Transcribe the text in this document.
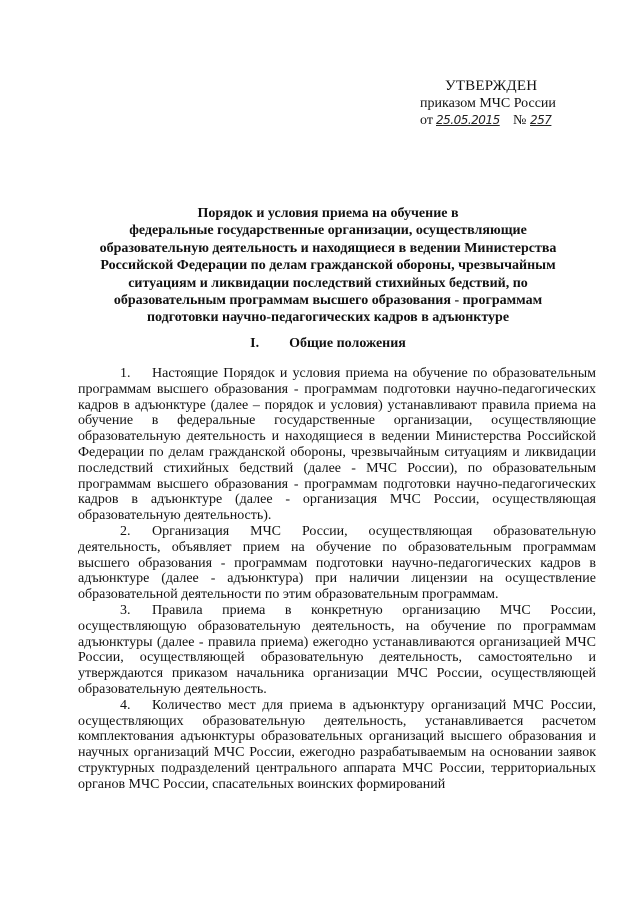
УТВЕРЖДЕН
приказом МЧС России
от 25.05.2015 № 257
Порядок и условия приема на обучение в
федеральные государственные организации, осуществляющие
образовательную деятельность и находящиеся в ведении Министерства
Российской Федерации по делам гражданской обороны, чрезвычайным
ситуациям и ликвидации последствий стихийных бедствий, по
образовательным программам высшего образования - программам
подготовки научно-педагогических кадров в адъюнктуре
I. Общие положения

1. Настоящие Порядок и условия приема на обучение по образовательным программам высшего образования - программам подготовки научно-педагогических кадров в адъюнктуре (далее – порядок и условия) устанавливают правила приема на обучение в федеральные государственные организации, осуществляющие образовательную деятельность и находящиеся в ведении Министерства Российской Федерации по делам гражданской обороны, чрезвычайным ситуациям и ликвидации последствий стихийных бедствий (далее - МЧС России), по образовательным программам высшего образования - программам подготовки научно-педагогических кадров в адъюнктуре (далее - организация МЧС России, осуществляющая образовательную деятельность).

2. Организация МЧС России, осуществляющая образовательную деятельность, объявляет прием на обучение по образовательным программам высшего образования - программам подготовки научно-педагогических кадров в адъюнктуре (далее - адъюнктура) при наличии лицензии на осуществление образовательной деятельности по этим образовательным программам.

3. Правила приема в конкретную организацию МЧС России, осуществляющую образовательную деятельность, на обучение по программам адъюнктуры (далее - правила приема) ежегодно устанавливаются организацией МЧС России, осуществляющей образовательную деятельность, самостоятельно и утверждаются приказом начальника организации МЧС России, осуществляющей образовательную деятельность.

4. Количество мест для приема в адъюнктуру организаций МЧС России, осуществляющих образовательную деятельность, устанавливается расчетом комплектования адъюнктуры образовательных организаций высшего образования и научных организаций МЧС России, ежегодно разрабатываемым на основании заявок структурных подразделений центрального аппарата МЧС России, территориальных органов МЧС России, спасательных воинских формирований
